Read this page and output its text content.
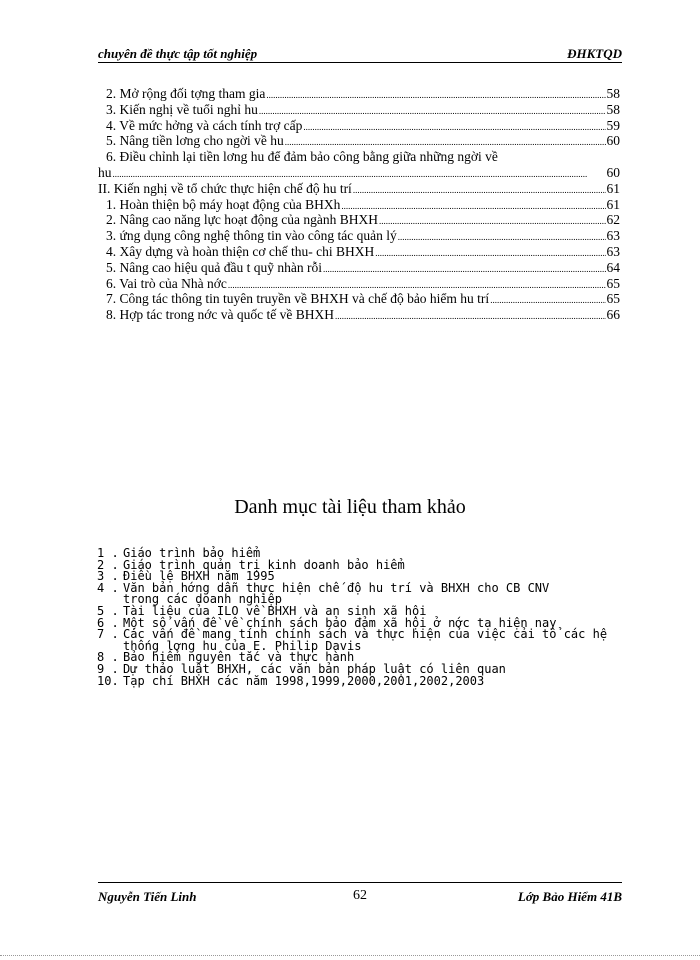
chuyên đề thực tập tốt nghiệp	ĐHKTQD
2. Mở rộng đối tợng tham gia .....	58
3. Kiến nghị về tuổi nghỉ hu .....	58
4. Về mức hởng và cách tính trợ cấp .....	59
5. Nâng tiền lơng cho ngời về hu .....	60
6. Điều chỉnh lại tiền lơng hu để đảm bảo công bằng giữa những ngời về
hu .....	60
II. Kiến nghị về tổ chức thực hiện chế độ hu trí .....	61
1. Hoàn thiện bộ máy hoạt động của BHXh .....	61
2. Nâng cao năng lực hoạt động của ngành BHXH .....	62
3. ứng dụng công nghệ thông tin vào công tác quản lý .....	63
4. Xây dựng và hoàn thiện cơ chế thu- chi BHXH .....	63
5. Nâng cao hiệu quả đầu t quỹ nhàn rỗi .....	64
6. Vai trò của Nhà nớc .....	65
7. Công tác thông tin tuyên truyền về BHXH và chế độ bảo hiểm hu trí .....	65
8. Hợp tác trong nớc và quốc tế về BHXH .....	66
Danh mục tài liệu tham khảo
1 . Giáo trình bảo hiểm
2 . Giáo trình quản trị kinh doanh bảo hiểm
3 . Điều lệ BHXH năm 1995
4 . Văn bản hớng dẫn thực hiện chế độ hu trí và BHXH cho CB CNV
trong các doanh nghiệp
5 . Tài liệu của ILO về BHXH và an sinh xã hội
6 . Một số vấn đề về chính sách bảo đảm xã hội ở nớc ta hiện nay
7 . Các vấn đề mang tính chính sách và thực hiện của việc cải tổ các hệ
thống lơng hu của E. Philip Davis
8 . Bảo hiểm nguyên tắc và thực hành
9 . Dự thảo luật BHXH, các văn bản pháp luật có liên quan
10. Tạp chí BHXH các năm 1998,1999,2000,2001,2002,2003
Nguyễn Tiến Linh	62	Lớp Bảo Hiểm 41B
